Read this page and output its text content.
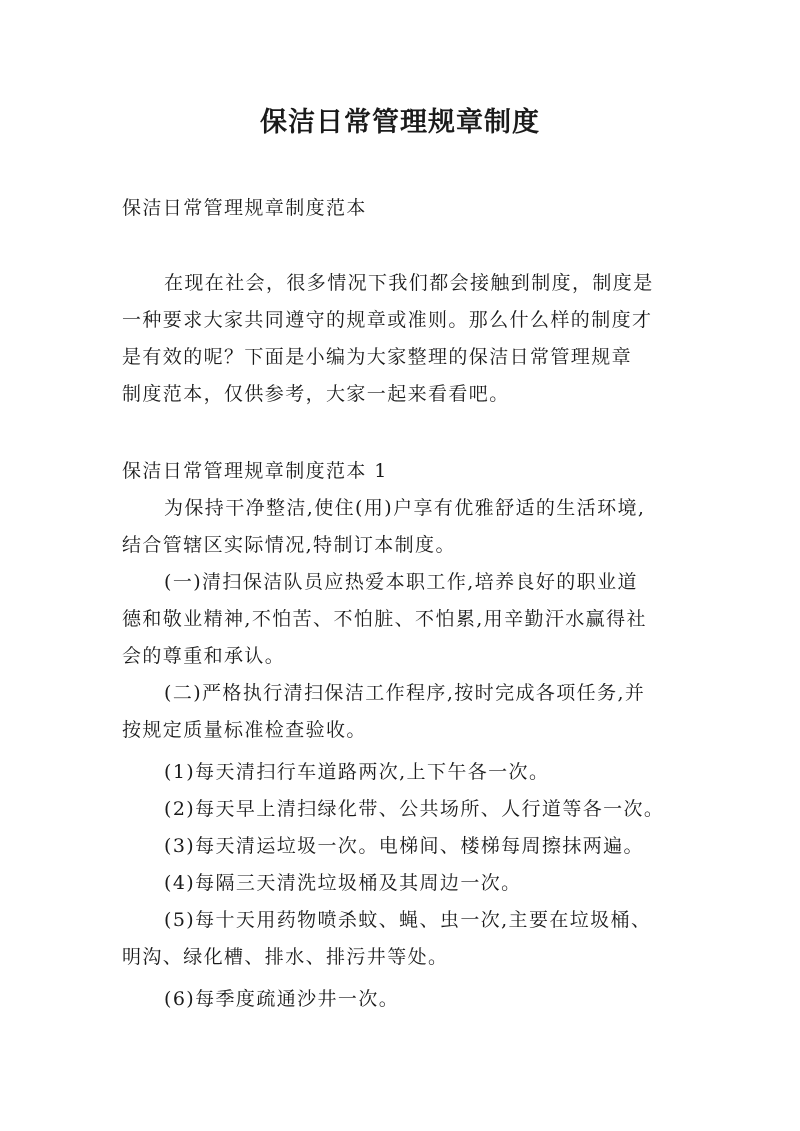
保洁日常管理规章制度

保洁日常管理规章制度范本

在现在社会，很多情况下我们都会接触到制度，制度是

一种要求大家共同遵守的规章或准则。那么什么样的制度才

是有效的呢？下面是小编为大家整理的保洁日常管理规章

制度范本，仅供参考，大家一起来看看吧。

保洁日常管理规章制度范本 1

为保持干净整洁,使住(用)户享有优雅舒适的生活环境,

结合管辖区实际情况,特制订本制度。

(一)清扫保洁队员应热爱本职工作,培养良好的职业道

德和敬业精神,不怕苦、不怕脏、不怕累,用辛勤汗水赢得社

会的尊重和承认。

(二)严格执行清扫保洁工作程序,按时完成各项任务,并

按规定质量标准检查验收。

(1)每天清扫行车道路两次,上下午各一次。

(2)每天早上清扫绿化带、公共场所、人行道等各一次。

(3)每天清运垃圾一次。电梯间、楼梯每周擦抹两遍。

(4)每隔三天清洗垃圾桶及其周边一次。

(5)每十天用药物喷杀蚊、蝇、虫一次,主要在垃圾桶、

明沟、绿化槽、排水、排污井等处。

(6)每季度疏通沙井一次。
